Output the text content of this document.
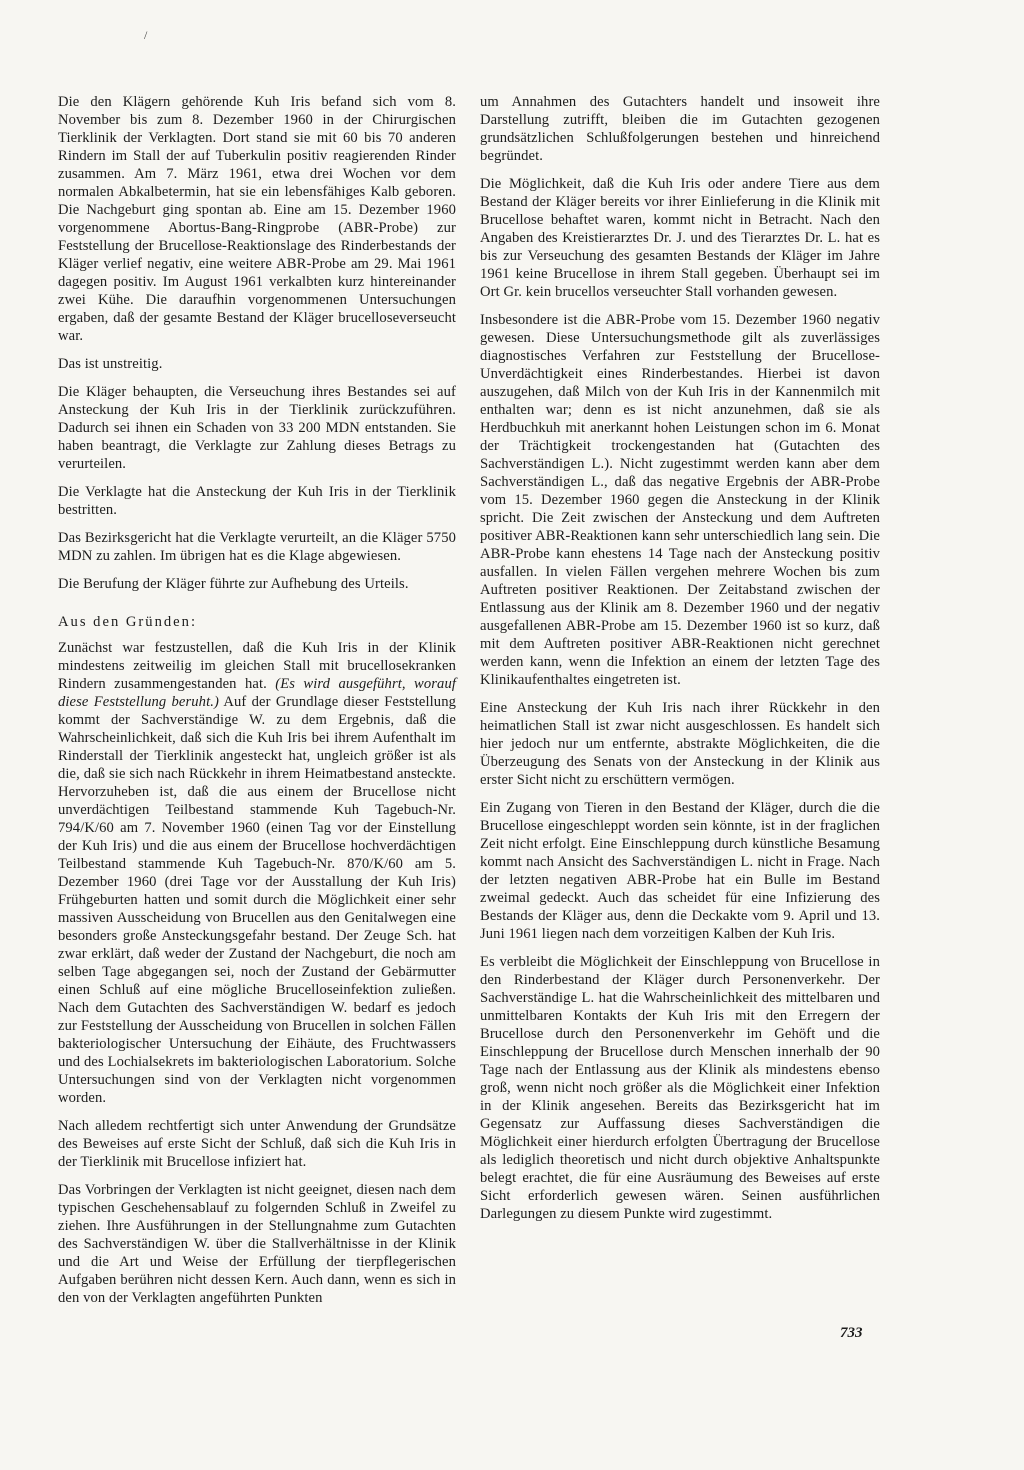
/

Die den Klägern gehörende Kuh Iris befand sich vom 8. November bis zum 8. Dezember 1960 in der Chirurgischen Tierklinik der Verklagten. Dort stand sie mit 60 bis 70 anderen Rindern im Stall der auf Tuberkulin positiv reagierenden Rinder zusammen. Am 7. März 1961, etwa drei Wochen vor dem normalen Abkalbetermin, hat sie ein lebensfähiges Kalb geboren. Die Nachgeburt ging spontan ab. Eine am 15. Dezember 1960 vorgenommene Abortus-Bang-Ringprobe (ABR-Probe) zur Feststellung der Brucellose-Reaktionslage des Rinderbestands der Kläger verlief negativ, eine weitere ABR-Probe am 29. Mai 1961 dagegen positiv. Im August 1961 verkalbten kurz hintereinander zwei Kühe. Die daraufhin vorgenommenen Untersuchungen ergaben, daß der gesamte Bestand der Kläger brucelloseverseucht war.

Das ist unstreitig.

Die Kläger behaupten, die Verseuchung ihres Bestandes sei auf Ansteckung der Kuh Iris in der Tierklinik zurückzuführen. Dadurch sei ihnen ein Schaden von 33 200 MDN entstanden. Sie haben beantragt, die Verklagte zur Zahlung dieses Betrags zu verurteilen.

Die Verklagte hat die Ansteckung der Kuh Iris in der Tierklinik bestritten.

Das Bezirksgericht hat die Verklagte verurteilt, an die Kläger 5750 MDN zu zahlen. Im übrigen hat es die Klage abgewiesen.

Die Berufung der Kläger führte zur Aufhebung des Urteils.

Aus den Gründen:

Zunächst war festzustellen, daß die Kuh Iris in der Klinik mindestens zeitweilig im gleichen Stall mit brucellosekranken Rindern zusammengestanden hat. (Es wird ausgeführt, worauf diese Feststellung beruht.) Auf der Grundlage dieser Feststellung kommt der Sachverständige W. zu dem Ergebnis, daß die Wahrscheinlichkeit, daß sich die Kuh Iris bei ihrem Aufenthalt im Rinderstall der Tierklinik angesteckt hat, ungleich größer ist als die, daß sie sich nach Rückkehr in ihrem Heimatbestand ansteckte. Hervorzuheben ist, daß die aus einem der Brucellose nicht unverdächtigen Teilbestand stammende Kuh Tagebuch-Nr. 794/K/60 am 7. November 1960 (einen Tag vor der Einstellung der Kuh Iris) und die aus einem der Brucellose hochverdächtigen Teilbestand stammende Kuh Tagebuch-Nr. 870/K/60 am 5. Dezember 1960 (drei Tage vor der Ausstallung der Kuh Iris) Frühgeburten hatten und somit durch die Möglichkeit einer sehr massiven Ausscheidung von Brucellen aus den Genitalwegen eine besonders große Ansteckungsgefahr bestand. Der Zeuge Sch. hat zwar erklärt, daß weder der Zustand der Nachgeburt, die noch am selben Tage abgegangen sei, noch der Zustand der Gebärmutter einen Schluß auf eine mögliche Brucelloseinfektion zuließen. Nach dem Gutachten des Sachverständigen W. bedarf es jedoch zur Feststellung der Ausscheidung von Brucellen in solchen Fällen bakteriologischer Untersuchung der Eihäute, des Fruchtwassers und des Lochialsekrets im bakteriologischen Laboratorium. Solche Untersuchungen sind von der Verklagten nicht vorgenommen worden.

Nach alledem rechtfertigt sich unter Anwendung der Grundsätze des Beweises auf erste Sicht der Schluß, daß sich die Kuh Iris in der Tierklinik mit Brucellose infiziert hat.

Das Vorbringen der Verklagten ist nicht geeignet, diesen nach dem typischen Geschehensablauf zu folgernden Schluß in Zweifel zu ziehen. Ihre Ausführungen in der Stellungnahme zum Gutachten des Sachverständigen W. über die Stallverhältnisse in der Klinik und die Art und Weise der Erfüllung der tierpflegerischen Aufgaben berühren nicht dessen Kern. Auch dann, wenn es sich in den von der Verklagten angeführten Punkten

um Annahmen des Gutachters handelt und insoweit ihre Darstellung zutrifft, bleiben die im Gutachten gezogenen grundsätzlichen Schlußfolgerungen bestehen und hinreichend begründet.

Die Möglichkeit, daß die Kuh Iris oder andere Tiere aus dem Bestand der Kläger bereits vor ihrer Einlieferung in die Klinik mit Brucellose behaftet waren, kommt nicht in Betracht. Nach den Angaben des Kreistierarztes Dr. J. und des Tierarztes Dr. L. hat es bis zur Verseuchung des gesamten Bestands der Kläger im Jahre 1961 keine Brucellose in ihrem Stall gegeben. Überhaupt sei im Ort Gr. kein brucellos verseuchter Stall vorhanden gewesen.

Insbesondere ist die ABR-Probe vom 15. Dezember 1960 negativ gewesen. Diese Untersuchungsmethode gilt als zuverlässiges diagnostisches Verfahren zur Feststellung der Brucellose-Unverdächtigkeit eines Rinderbestandes. Hierbei ist davon auszugehen, daß Milch von der Kuh Iris in der Kannenmilch mit enthalten war; denn es ist nicht anzunehmen, daß sie als Herdbuchkuh mit anerkannt hohen Leistungen schon im 6. Monat der Trächtigkeit trockengestanden hat (Gutachten des Sachverständigen L.). Nicht zugestimmt werden kann aber dem Sachverständigen L., daß das negative Ergebnis der ABR-Probe vom 15. Dezember 1960 gegen die Ansteckung in der Klinik spricht. Die Zeit zwischen der Ansteckung und dem Auftreten positiver ABR-Reaktionen kann sehr unterschiedlich lang sein. Die ABR-Probe kann ehestens 14 Tage nach der Ansteckung positiv ausfallen. In vielen Fällen vergehen mehrere Wochen bis zum Auftreten positiver Reaktionen. Der Zeitabstand zwischen der Entlassung aus der Klinik am 8. Dezember 1960 und der negativ ausgefallenen ABR-Probe am 15. Dezember 1960 ist so kurz, daß mit dem Auftreten positiver ABR-Reaktionen nicht gerechnet werden kann, wenn die Infektion an einem der letzten Tage des Klinikaufenthaltes eingetreten ist.

Eine Ansteckung der Kuh Iris nach ihrer Rückkehr in den heimatlichen Stall ist zwar nicht ausgeschlossen. Es handelt sich hier jedoch nur um entfernte, abstrakte Möglichkeiten, die die Überzeugung des Senats von der Ansteckung in der Klinik aus erster Sicht nicht zu erschüttern vermögen.

Ein Zugang von Tieren in den Bestand der Kläger, durch die die Brucellose eingeschleppt worden sein könnte, ist in der fraglichen Zeit nicht erfolgt. Eine Einschleppung durch künstliche Besamung kommt nach Ansicht des Sachverständigen L. nicht in Frage. Nach der letzten negativen ABR-Probe hat ein Bulle im Bestand zweimal gedeckt. Auch das scheidet für eine Infizierung des Bestands der Kläger aus, denn die Deckakte vom 9. April und 13. Juni 1961 liegen nach dem vorzeitigen Kalben der Kuh Iris.

Es verbleibt die Möglichkeit der Einschleppung von Brucellose in den Rinderbestand der Kläger durch Personenverkehr. Der Sachverständige L. hat die Wahrscheinlichkeit des mittelbaren und unmittelbaren Kontakts der Kuh Iris mit den Erregern der Brucellose durch den Personenverkehr im Gehöft und die Einschleppung der Brucellose durch Menschen innerhalb der 90 Tage nach der Entlassung aus der Klinik als mindestens ebenso groß, wenn nicht noch größer als die Möglichkeit einer Infektion in der Klinik angesehen. Bereits das Bezirksgericht hat im Gegensatz zur Auffassung dieses Sachverständigen die Möglichkeit einer hierdurch erfolgten Übertragung der Brucellose als lediglich theoretisch und nicht durch objektive Anhaltspunkte belegt erachtet, die für eine Ausräumung des Beweises auf erste Sicht erforderlich gewesen wären. Seinen ausführlichen Darlegungen zu diesem Punkte wird zugestimmt.

733
